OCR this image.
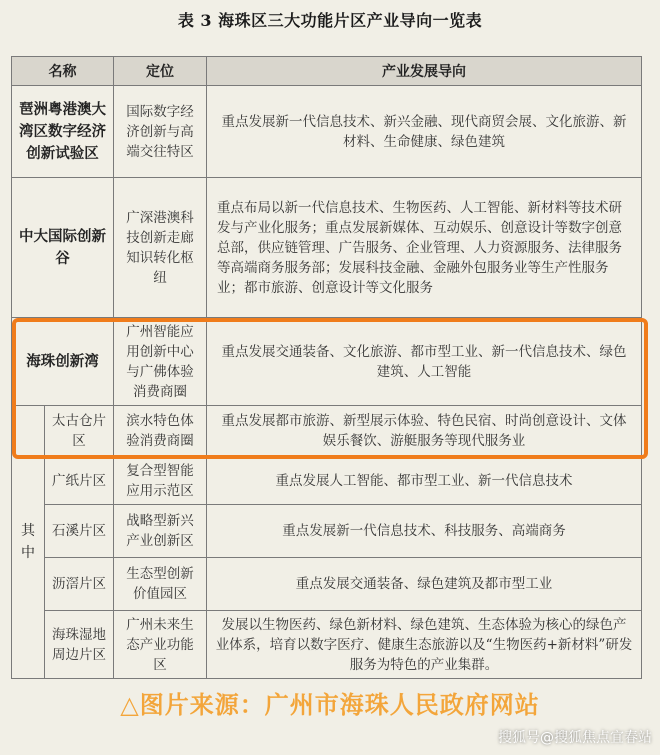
表 3 海珠区三大功能片区产业导向一览表
名称		定位	产业发展导向
琶洲粤港澳大湾区数字经济创新试验区		国际数字经济创新与高端交往特区	重点发展新一代信息技术、新兴金融、现代商贸会展、文化旅游、新材料、生命健康、绿色建筑
中大国际创新谷		广深港澳科技创新走廊知识转化枢纽	重点布局以新一代信息技术、生物医药、人工智能、新材料等技术研发与产业化服务；重点发展新媒体、互动娱乐、创意设计等数字创意总部，供应链管理、广告服务、企业管理、人力资源服务、法律服务等高端商务服务部；发展科技金融、金融外包服务业等生产性服务业；都市旅游、创意设计等文化服务
海珠创新湾		广州智能应用创新中心与广佛体验消费商圈	重点发展交通装备、文化旅游、都市型工业、新一代信息技术、绿色建筑、人工智能
其中	太古仓片区	滨水特色体验消费商圈	重点发展都市旅游、新型展示体验、特色民宿、时尚创意设计、文体娱乐餐饮、游艇服务等现代服务业
	广纸片区	复合型智能应用示范区	重点发展人工智能、都市型工业、新一代信息技术
	石溪片区	战略型新兴产业创新区	重点发展新一代信息技术、科技服务、高端商务
	沥滘片区	生态型创新价值园区	重点发展交通装备、绿色建筑及都市型工业
	海珠湿地周边片区	广州未来生态产业功能区	发展以生物医药、绿色新材料、绿色建筑、生态体验为核心的绿色产业体系，培育以数字医疗、健康生态旅游以及“生物医药+新材料”研发服务为特色的产业集群。
△图片来源：广州市海珠人民政府网站
搜狐号@搜狐焦点宜春站
